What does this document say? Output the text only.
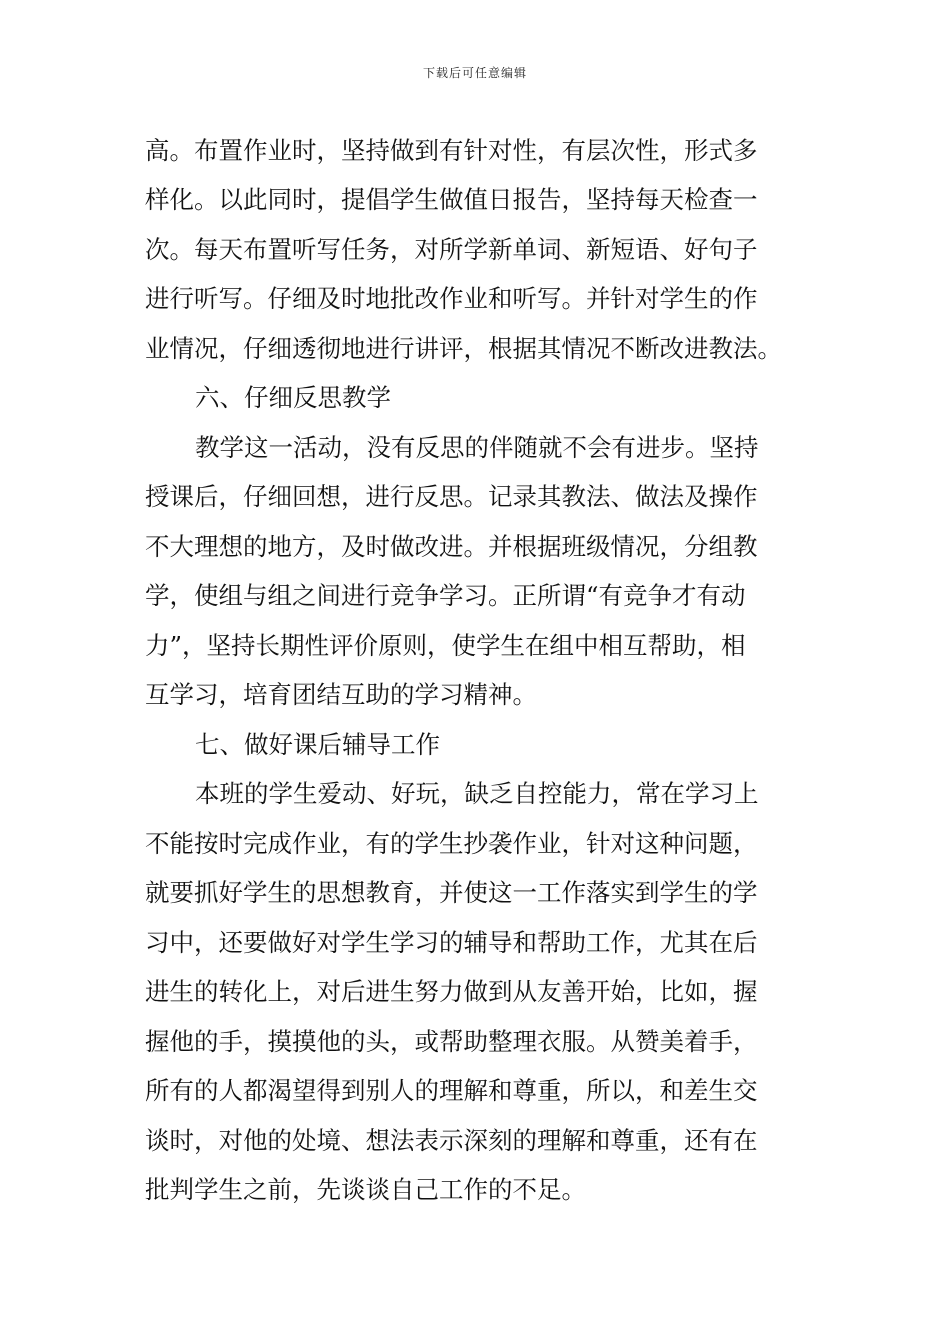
下载后可任意编辑
高。布置作业时，坚持做到有针对性，有层次性，形式多
样化。以此同时，提倡学生做值日报告，坚持每天检查一
次。每天布置听写任务，对所学新单词、新短语、好句子
进行听写。仔细及时地批改作业和听写。并针对学生的作
业情况，仔细透彻地进行讲评，根据其情况不断改进教法。
六、仔细反思教学
教学这一活动，没有反思的伴随就不会有进步。坚持
授课后，仔细回想，进行反思。记录其教法、做法及操作
不大理想的地方，及时做改进。并根据班级情况，分组教
学，使组与组之间进行竞争学习。正所谓“有竞争才有动
力”，坚持长期性评价原则，使学生在组中相互帮助，相
互学习，培育团结互助的学习精神。
七、做好课后辅导工作
本班的学生爱动、好玩，缺乏自控能力，常在学习上
不能按时完成作业，有的学生抄袭作业，针对这种问题，
就要抓好学生的思想教育，并使这一工作落实到学生的学
习中，还要做好对学生学习的辅导和帮助工作，尤其在后
进生的转化上，对后进生努力做到从友善开始，比如，握
握他的手，摸摸他的头，或帮助整理衣服。从赞美着手，
所有的人都渴望得到别人的理解和尊重，所以，和差生交
谈时，对他的处境、想法表示深刻的理解和尊重，还有在
批判学生之前，先谈谈自己工作的不足。
